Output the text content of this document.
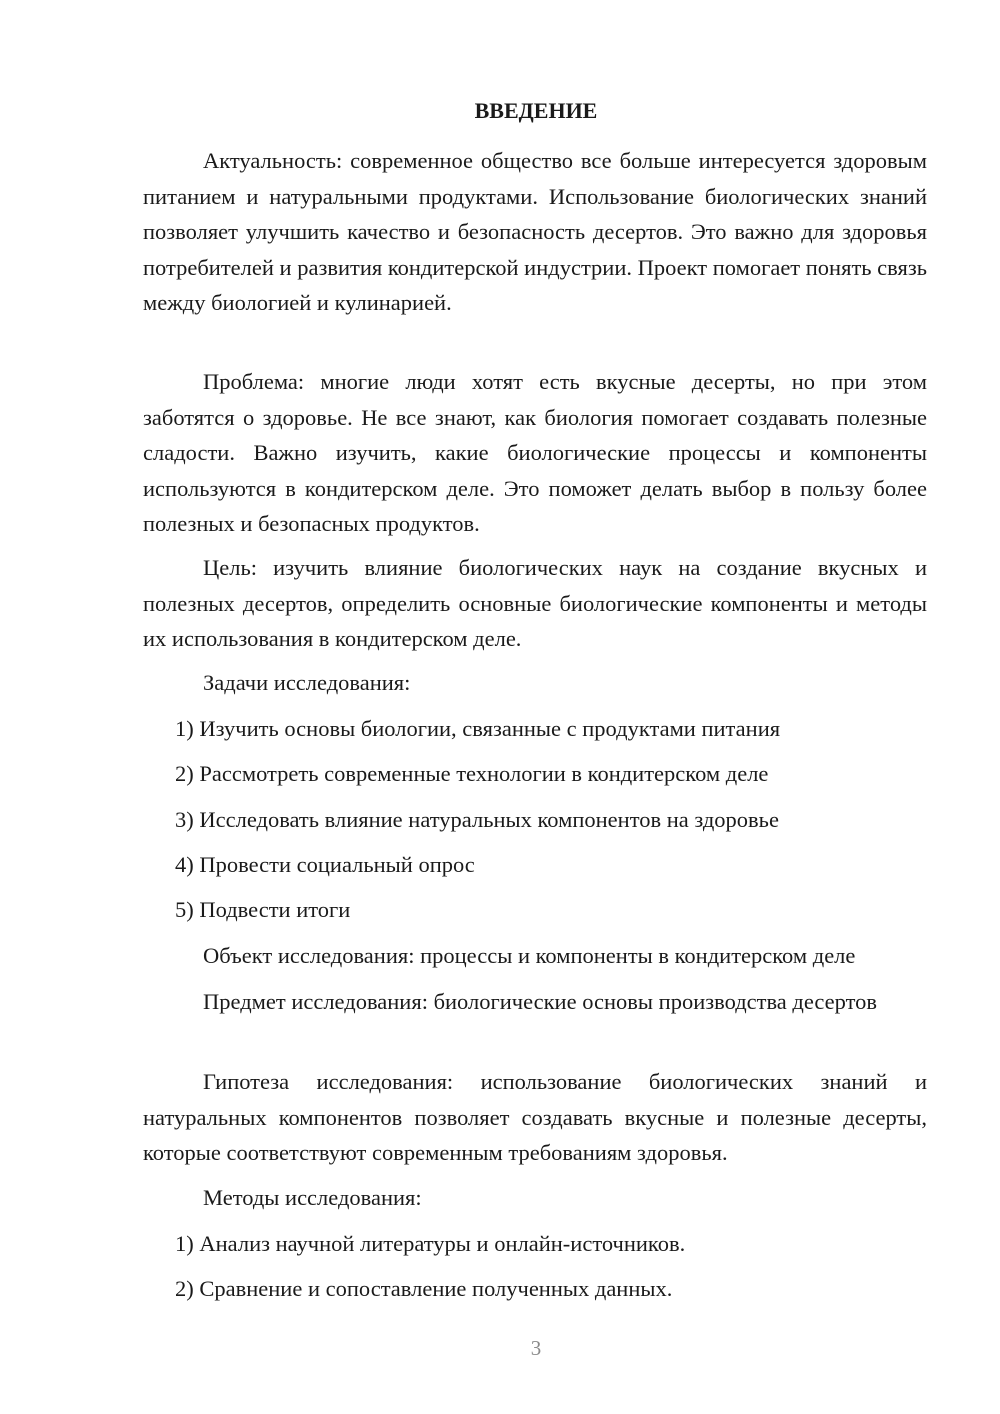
ВВЕДЕНИЕ

Актуальность: современное общество все больше интересуется здоровым питанием и натуральными продуктами. Использование биологических знаний позволяет улучшить качество и безопасность десертов. Это важно для здоровья потребителей и развития кондитерской индустрии. Проект помогает понять связь между биологией и кулинарией.

Проблема: многие люди хотят есть вкусные десерты, но при этом заботятся о здоровье. Не все знают, как биология помогает создавать полезные сладости. Важно изучить, какие биологические процессы и компоненты используются в кондитерском деле. Это поможет делать выбор в пользу более полезных и безопасных продуктов.

Цель: изучить влияние биологических наук на создание вкусных и полезных десертов, определить основные биологические компоненты и методы их использования в кондитерском деле.

Задачи исследования:
1) Изучить основы биологии, связанные с продуктами питания
2) Рассмотреть современные технологии в кондитерском деле
3) Исследовать влияние натуральных компонентов на здоровье
4) Провести социальный опрос
5) Подвести итоги
Объект исследования: процессы и компоненты в кондитерском деле

Предмет исследования: биологические основы производства десертов

Гипотеза исследования: использование биологических знаний и натуральных компонентов позволяет создавать вкусные и полезные десерты, которые соответствуют современным требованиям здоровья.

Методы исследования:
1) Анализ научной литературы и онлайн-источников.
2) Сравнение и сопоставление полученных данных.
3
